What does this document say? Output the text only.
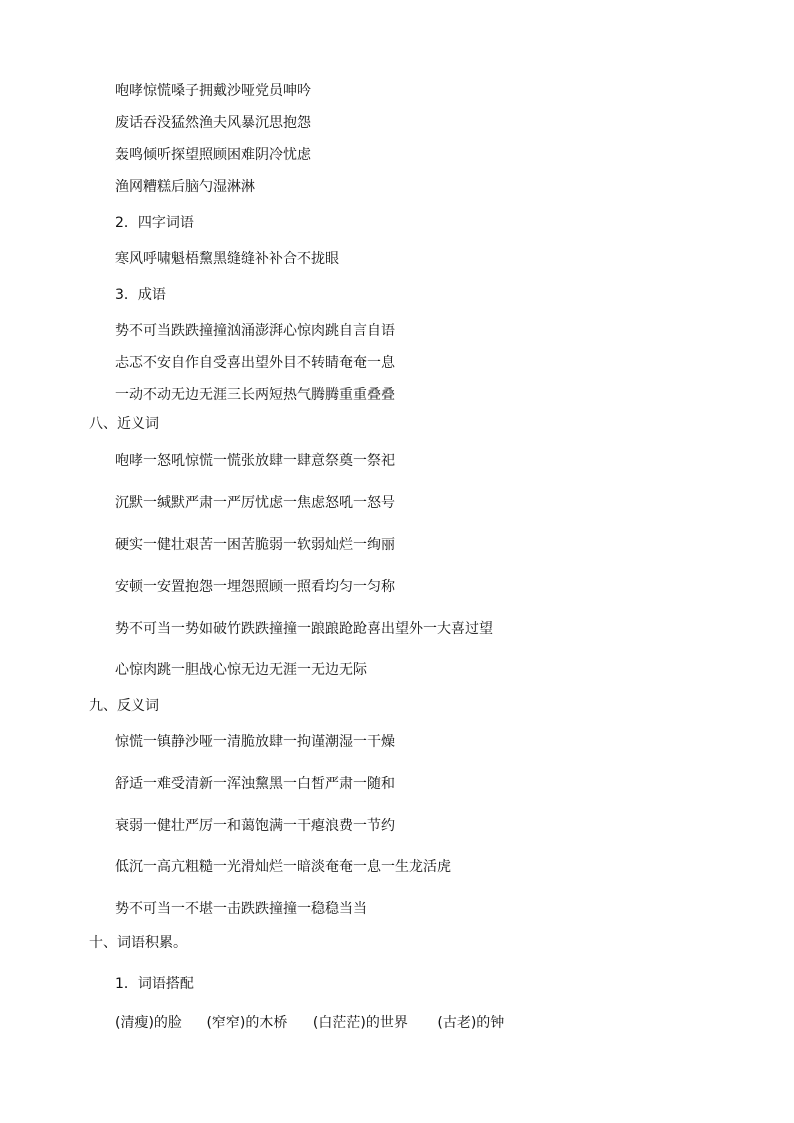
咆哮惊慌嗓子拥戴沙哑党员呻吟
废话吞没猛然渔夫风暴沉思抱怨
轰鸣倾听探望照顾困难阴冷忧虑
渔网糟糕后脑勺湿淋淋
2．四字词语
寒风呼啸魁梧黧黑缝缝补补合不拢眼
3．成语
势不可当跌跌撞撞汹涌澎湃心惊肉跳自言自语
忐忑不安自作自受喜出望外目不转睛奄奄一息
一动不动无边无涯三长两短热气腾腾重重叠叠
八、近义词
咆哮一怒吼惊慌一慌张放肆一肆意祭奠一祭祀
沉默一缄默严肃一严厉忧虑一焦虑怒吼一怒号
硬实一健壮艰苦一困苦脆弱一软弱灿烂一绚丽
安顿一安置抱怨一埋怨照顾一照看均匀一匀称
势不可当一势如破竹跌跌撞撞一踉踉跄跄喜出望外一大喜过望
心惊肉跳一胆战心惊无边无涯一无边无际
九、反义词
惊慌一镇静沙哑一清脆放肆一拘谨潮湿一干燥
舒适一难受清新一浑浊黧黑一白皙严肃一随和
衰弱一健壮严厉一和蔼饱满一干瘪浪费一节约
低沉一高亢粗糙一光滑灿烂一暗淡奄奄一息一生龙活虎
势不可当一不堪一击跌跌撞撞一稳稳当当
十、词语积累。
1．词语搭配
(清瘦)的脸 (窄窄)的木桥 (白茫茫)的世界 (古老)的钟
